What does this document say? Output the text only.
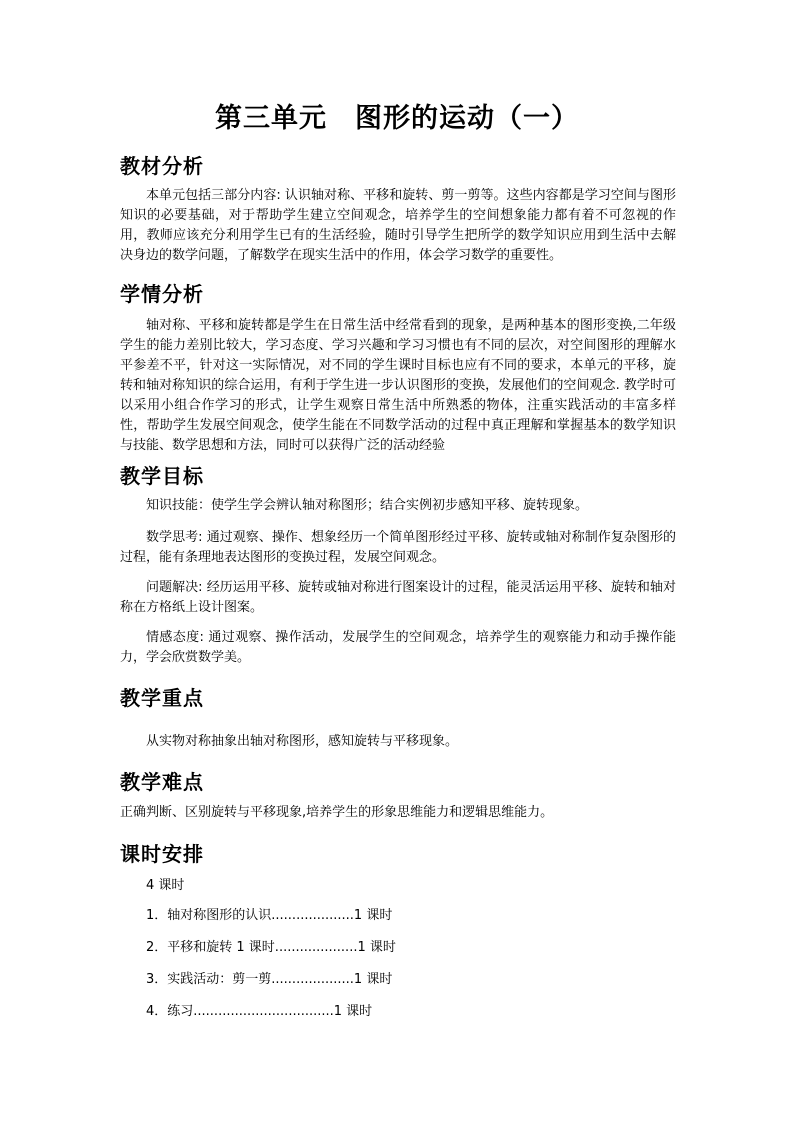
第三单元 图形的运动（一）
教材分析
本单元包括三部分内容: 认识轴对称、平移和旋转、剪一剪等。这些内容都是学习空间与图形知识的必要基础，对于帮助学生建立空间观念，培养学生的空间想象能力都有着不可忽视的作用，教师应该充分利用学生已有的生活经验，随时引导学生把所学的数学知识应用到生活中去解决身边的数学问题，了解数学在现实生活中的作用，体会学习数学的重要性。
学情分析
轴对称、平移和旋转都是学生在日常生活中经常看到的现象，是两种基本的图形变换,二年级学生的能力差别比较大，学习态度、学习兴趣和学习习惯也有不同的层次，对空间图形的理解水平参差不平，针对这一实际情况，对不同的学生课时目标也应有不同的要求，本单元的平移，旋转和轴对称知识的综合运用，有利于学生进一步认识图形的变换，发展他们的空间观念. 教学时可以采用小组合作学习的形式，让学生观察日常生活中所熟悉的物体，注重实践活动的丰富多样性，帮助学生发展空间观念，使学生能在不同数学活动的过程中真正理解和掌握基本的数学知识与技能、数学思想和方法，同时可以获得广泛的活动经验
教学目标
知识技能：使学生学会辨认轴对称图形；结合实例初步感知平移、旋转现象。
数学思考: 通过观察、操作、想象经历一个简单图形经过平移、旋转或轴对称制作复杂图形的过程，能有条理地表达图形的变换过程，发展空间观念。
问题解决: 经历运用平移、旋转或轴对称进行图案设计的过程，能灵活运用平移、旋转和轴对称在方格纸上设计图案。
情感态度: 通过观察、操作活动，发展学生的空间观念，培养学生的观察能力和动手操作能力，学会欣赏数学美。
教学重点
从实物对称抽象出轴对称图形，感知旋转与平移现象。
教学难点
正确判断、区别旋转与平移现象,培养学生的形象思维能力和逻辑思维能力。
课时安排
4 课时
1．轴对称图形的认识....................1 课时
2．平移和旋转 1 课时....................1 课时
3．实践活动：剪一剪....................1 课时
4．练习..................................1 课时
